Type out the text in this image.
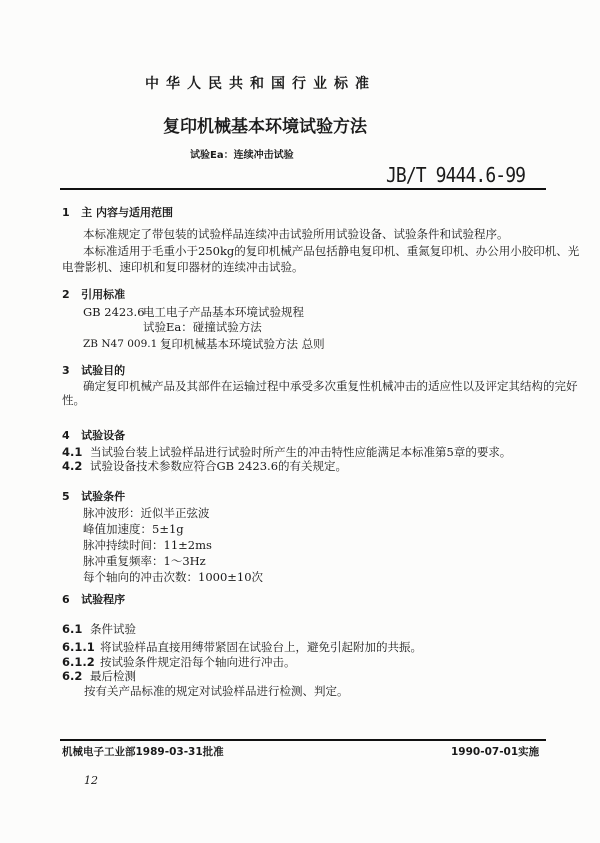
中华人民共和国行业标准
复印机械基本环境试验方法
试验Ea：连续冲击试验
JB/T 9444.6-99
1 主 内容与适用范围
本标准规定了带包装的试验样品连续冲击试验所用试验设备、试验条件和试验程序。
本标准适用于毛重小于250kg的复印机械产品包括静电复印机、重氮复印机、办公用小胶印机、光
电誊影机、速印机和复印器材的连续冲击试验。
2 引用标准
GB 2423.6
电工电子产品基本环境试验规程
试验Ea：碰撞试验方法
ZB N47 009.1 复印机械基本环境试验方法 总则
3 试验目的
确定复印机械产品及其部件在运输过程中承受多次重复性机械冲击的适应性以及评定其结构的完好
性。
4 试验设备
4.1 当试验台装上试验样品进行试验时所产生的冲击特性应能满足本标准第5章的要求。
4.2 试验设备技术参数应符合GB 2423.6的有关规定。
5 试验条件
脉冲波形：近似半正弦波
峰值加速度：5±1g
脉冲持续时间：11±2ms
脉冲重复频率：1～3Hz
每个轴向的冲击次数：1000±10次
6 试验程序
6.1 条件试验
6.1.1 将试验样品直接用缚带紧固在试验台上，避免引起附加的共振。
6.1.2 按试验条件规定沿每个轴向进行冲击。
6.2 最后检测
按有关产品标准的规定对试验样品进行检测、判定。
机械电子工业部1989-03-31批准	1990-07-01实施
12
